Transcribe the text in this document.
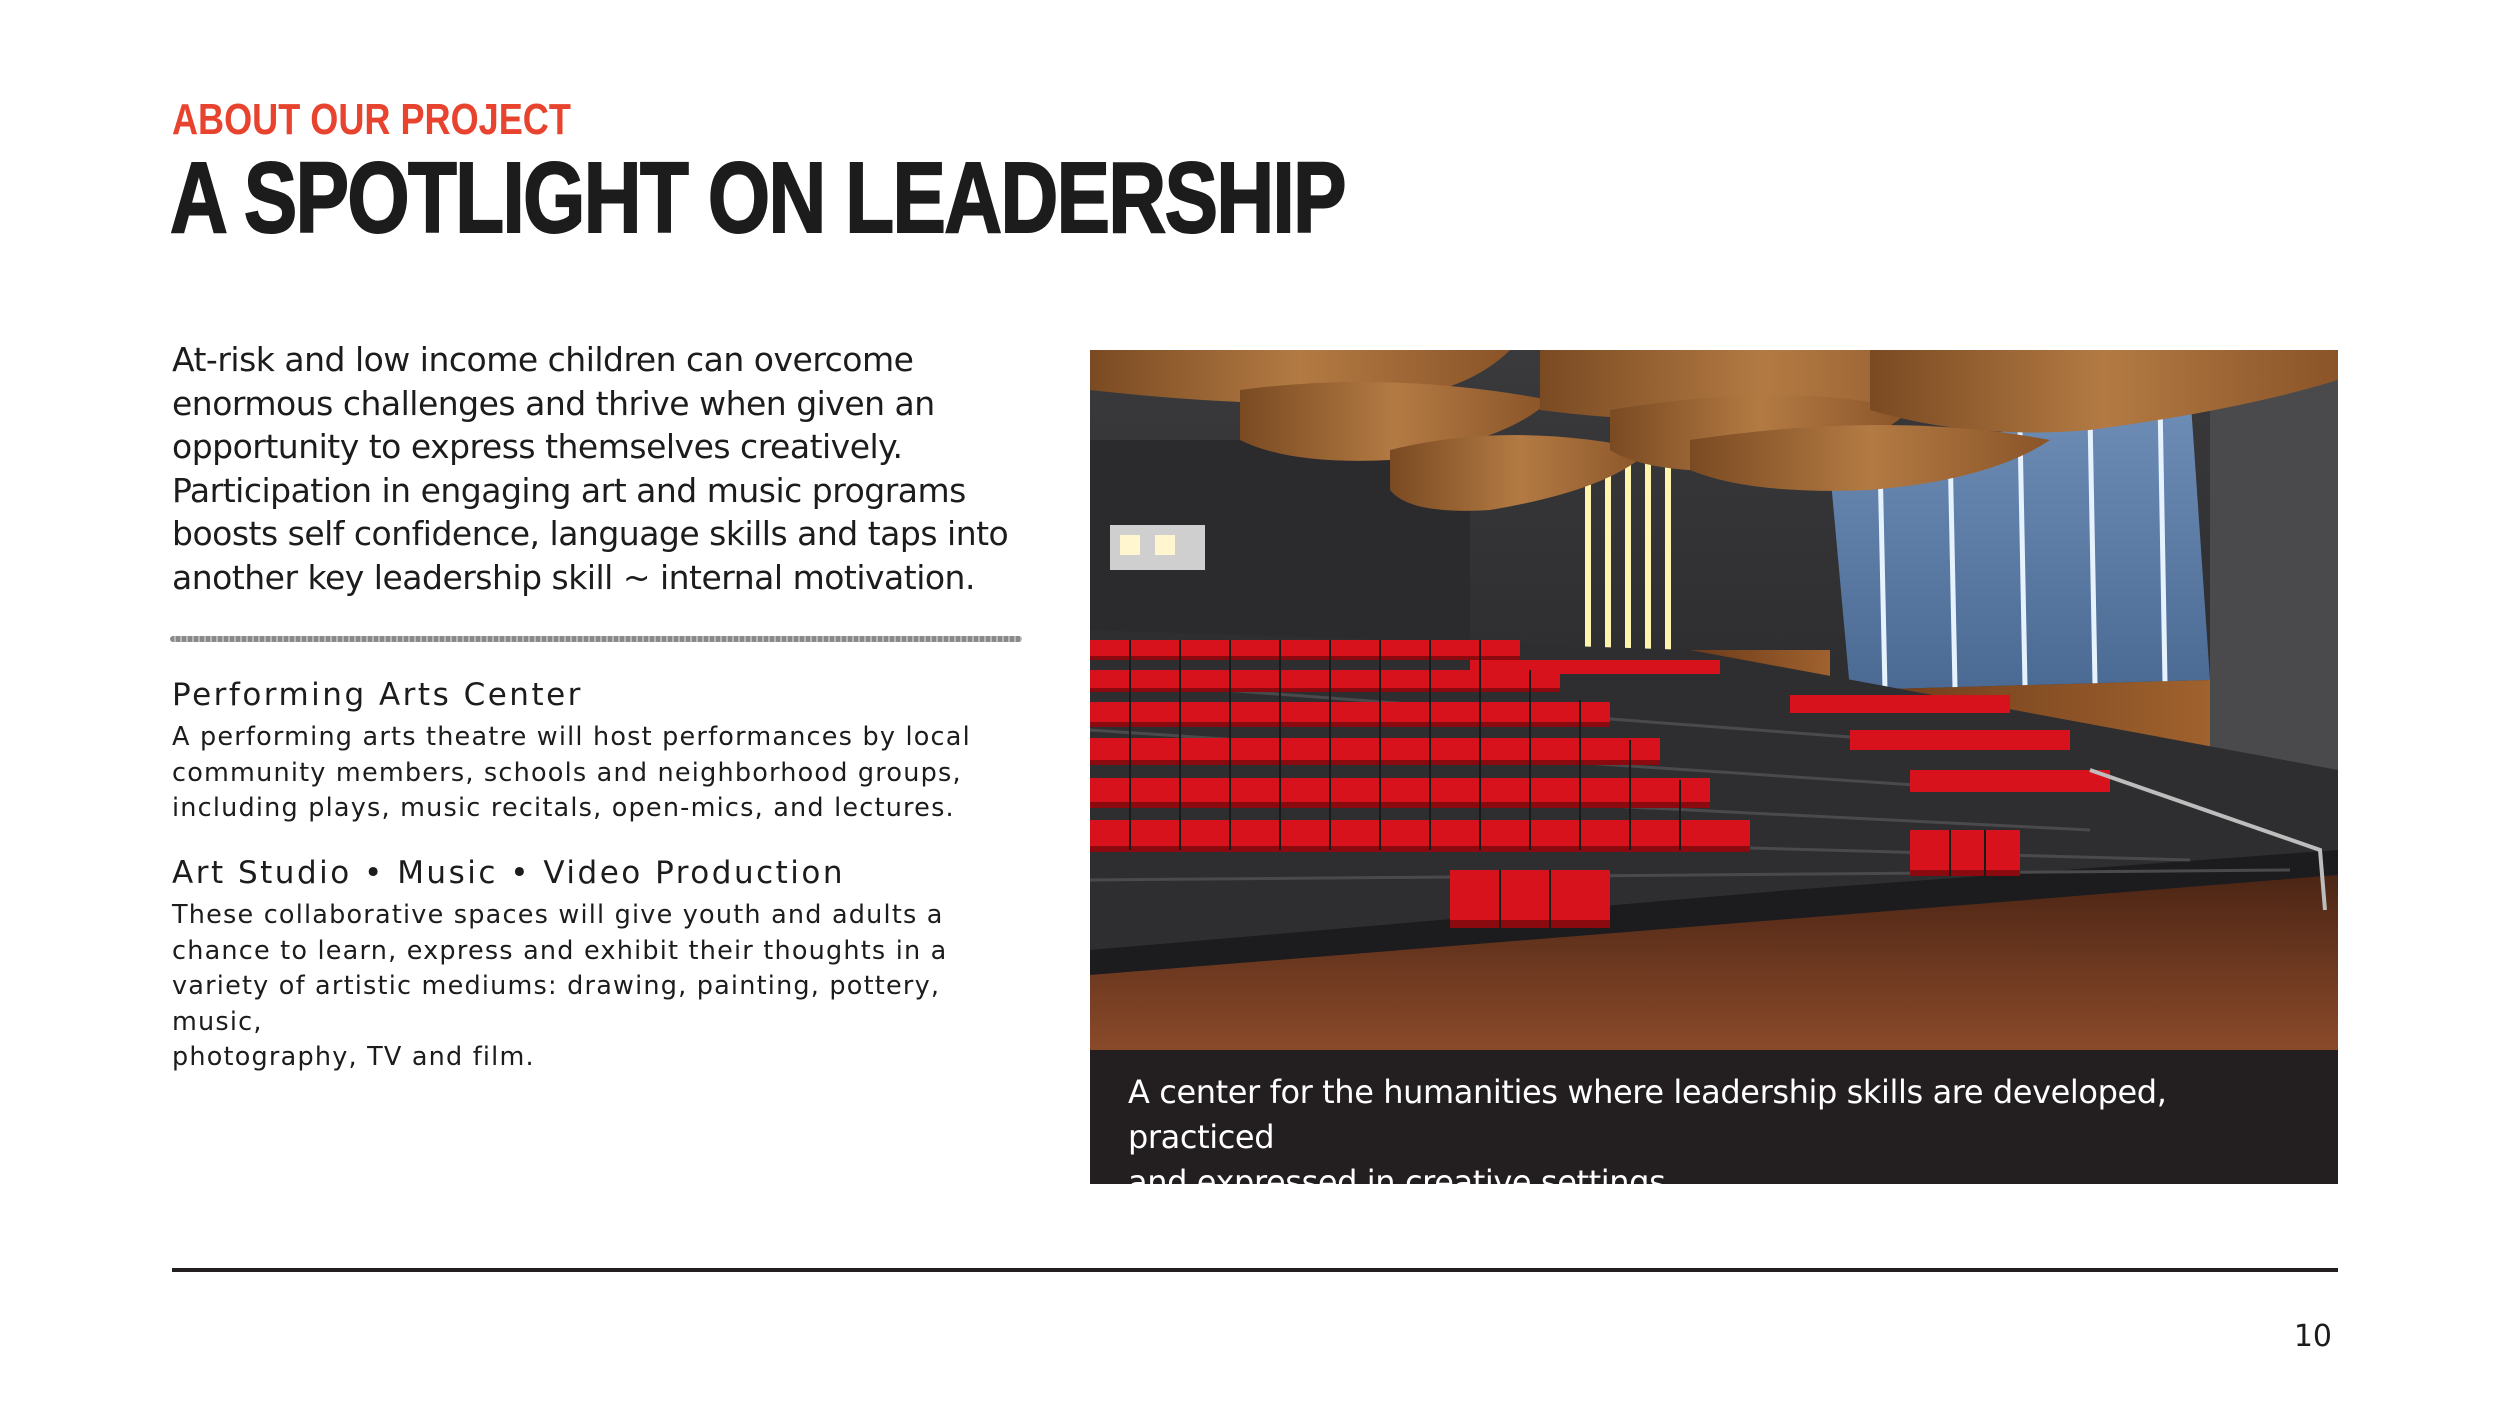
ABOUT OUR PROJECT
A SPOTLIGHT ON LEADERSHIP

At-risk and low income children can overcome
enormous challenges and thrive when given an
opportunity to express themselves creatively.
Participation in engaging art and music programs
boosts self confidence, language skills and taps into
another key leadership skill ~ internal motivation.

Performing Arts Center

A performing arts theatre will host performances by local
community members, schools and neighborhood groups,
including plays, music recitals, open-mics, and lectures.

Art Studio • Music • Video Production

These collaborative spaces will give youth and adults a
chance to learn, express and exhibit their thoughts in a
variety of artistic mediums: drawing, painting, pottery, music,
photography, TV and film.

A center for the humanities where leadership skills are developed, practiced
and expressed in creative settings.

10
